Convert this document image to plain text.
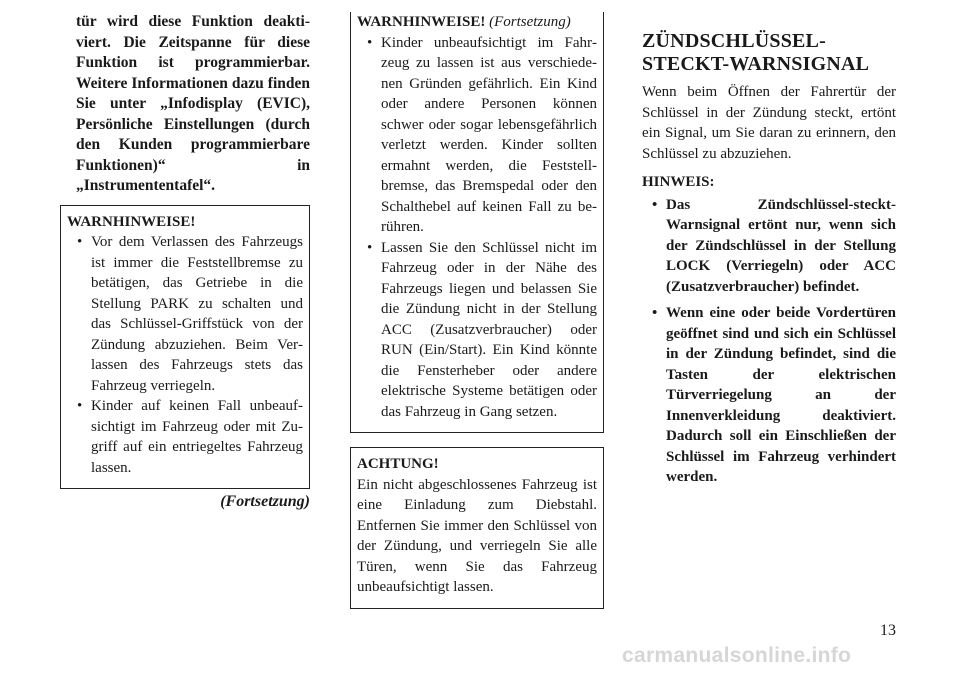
tür wird diese Funktion deaktiviert. Die Zeitspanne für diese Funktion ist programmierbar. Weitere Informationen dazu finden Sie unter „Infodisplay (EVIC), Persönliche Einstellungen (durch den Kunden programmierbare Funktionen)“ in „Instrumententafel“.

WARNHINWEISE!
• Vor dem Verlassen des Fahrzeugs ist immer die Feststellbremse zu betätigen, das Getriebe in die Stellung PARK zu schalten und das Schlüssel-Griffstück von der Zündung abzuziehen. Beim Verlassen des Fahrzeugs stets das Fahrzeug verriegeln.
• Kinder auf keinen Fall unbeaufsichtigt im Fahrzeug oder mit Zugriff auf ein entriegeltes Fahrzeug lassen.
(Fortsetzung)
WARNHINWEISE! (Fortsetzung)
• Kinder unbeaufsichtigt im Fahrzeug zu lassen ist aus verschiedenen Gründen gefährlich. Ein Kind oder andere Personen können schwer oder sogar lebensgefährlich verletzt werden. Kinder sollten ermahnt werden, die Feststellbremse, das Bremspedal oder den Schalthebel auf keinen Fall zu berühren.
• Lassen Sie den Schlüssel nicht im Fahrzeug oder in der Nähe des Fahrzeugs liegen und belassen Sie die Zündung nicht in der Stellung ACC (Zusatzverbraucher) oder RUN (Ein/Start). Ein Kind könnte die Fensterheber oder andere elektrische Systeme betätigen oder das Fahrzeug in Gang setzen.
ACHTUNG!
Ein nicht abgeschlossenes Fahrzeug ist eine Einladung zum Diebstahl. Entfernen Sie immer den Schlüssel von der Zündung, und verriegeln Sie alle Türen, wenn Sie das Fahrzeug unbeaufsichtigt lassen.
ZÜNDSCHLÜSSEL-
STECKT-WARNSIGNAL

Wenn beim Öffnen der Fahrertür der Schlüssel in der Zündung steckt, ertönt ein Signal, um Sie daran zu erinnern, den Schlüssel zu abzuziehen.

HINWEIS:
• Das Zündschlüssel-steckt-Warnsignal ertönt nur, wenn sich der Zündschlüssel in der Stellung LOCK (Verriegeln) oder ACC (Zusatzverbraucher) befindet.
• Wenn eine oder beide Vordertüren geöffnet sind und sich ein Schlüssel in der Zündung befindet, sind die Tasten der elektrischen Türverriegelung an der Innenverkleidung deaktiviert. Dadurch soll ein Einschließen der Schlüssel im Fahrzeug verhindert werden.
13
carmanualsonline.info
